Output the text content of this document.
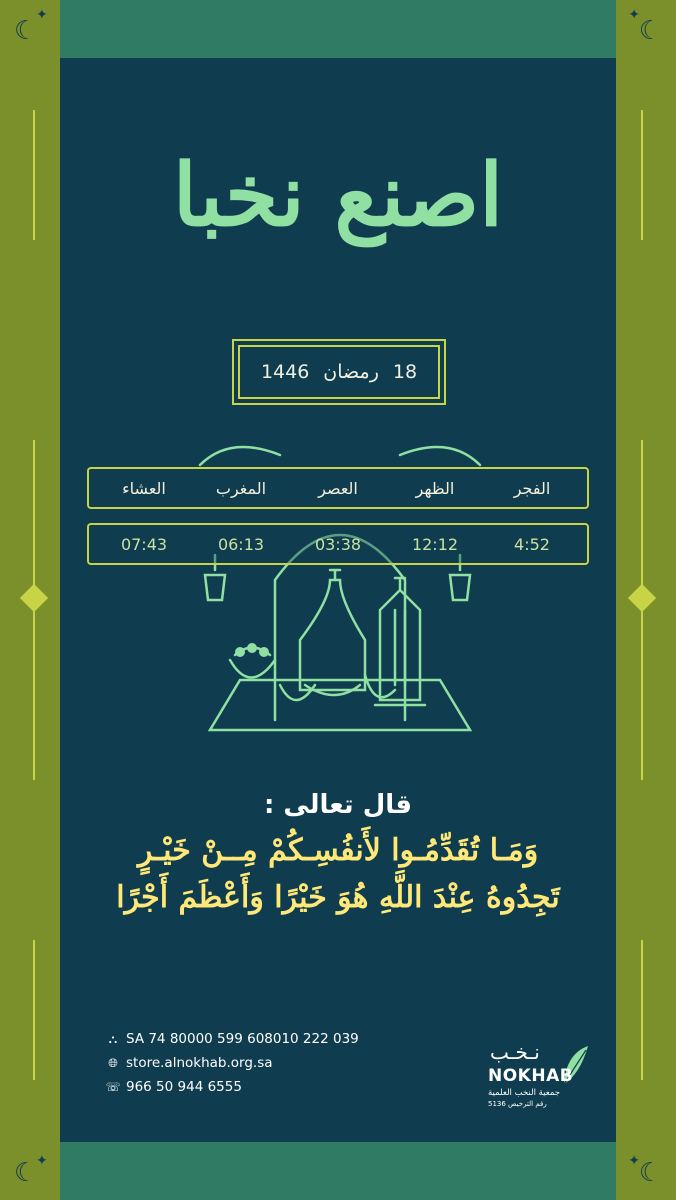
☾
✦
☾
✦
☾
✦	☾
✦
اصنع نخبا
18
رمضان
1446
الفجر
الظهر
العصر
المغرب
العشاء
4:52
12:12
03:38
06:13
07:43
قال تعالى :
وَمَـا تُقَدِّمُـوا لأَنفُسِـكُمْ مِــنْ خَيْـرٍ
تَجِدُوهُ عِنْدَ اللَّهِ هُوَ خَيْرًا وَأَعْظَمَ أَجْرًا
⛬ SA 74 80000 599 608010 222 039
🌐︎ store.alnokhab.org.sa
☏ 966 50 944 6555
نـخـب
NOKHAB
جمعية النخب العلمية
رقم الترخيص 5136
